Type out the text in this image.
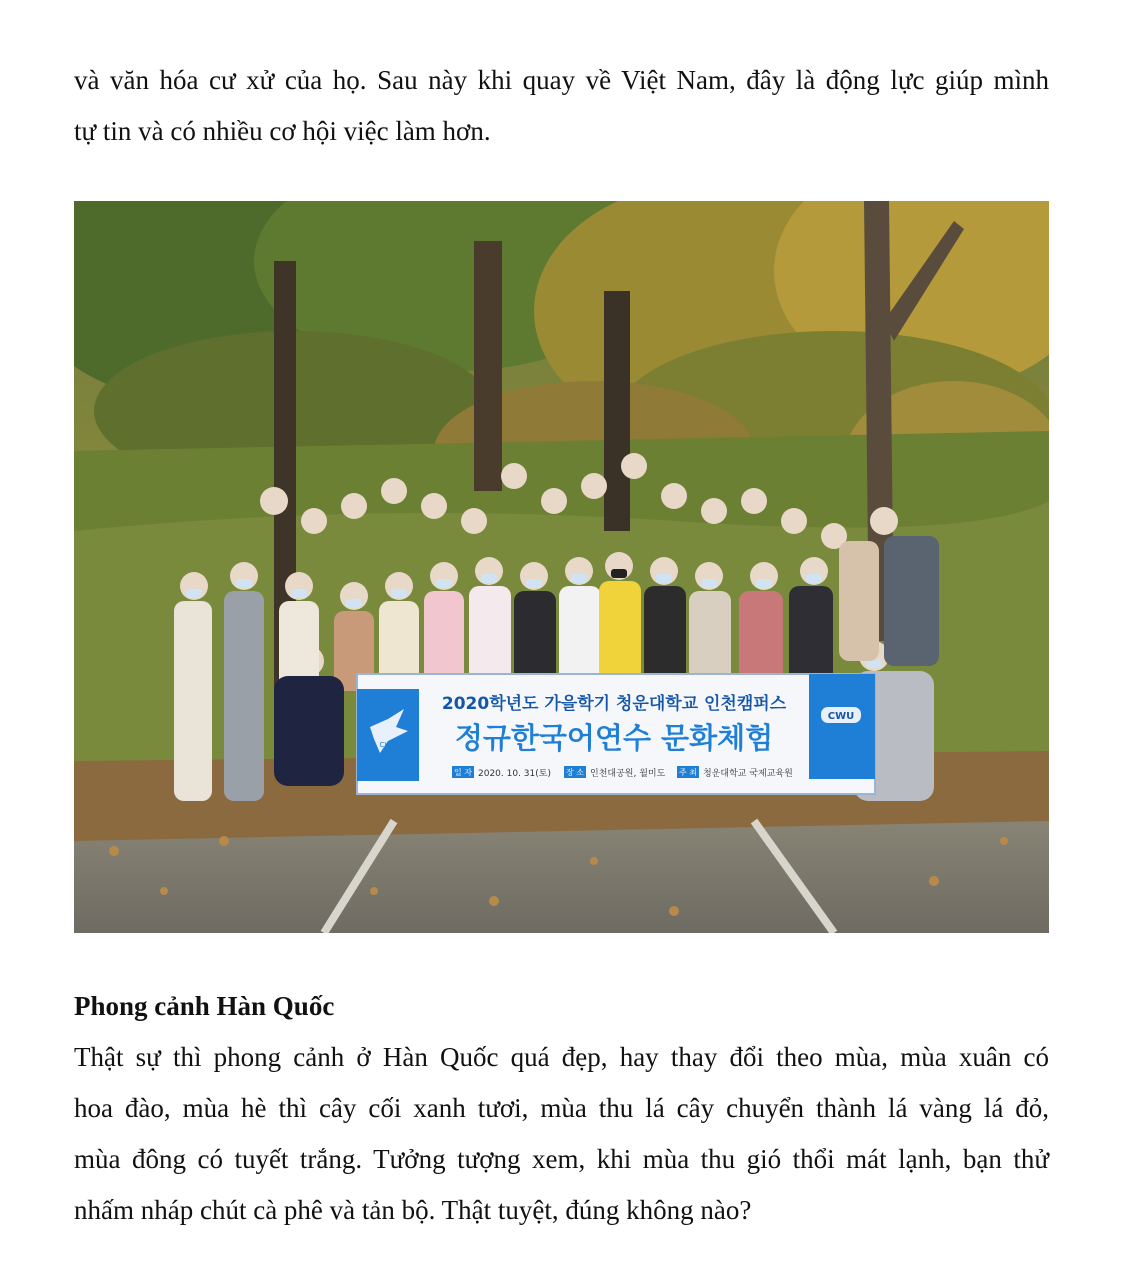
và văn hóa cư xử của họ. Sau này khi quay về Việt Nam, đây là động lực giúp mình
tự tin và có nhiều cơ hội việc làm hơn.
CWU
CWU
2020학년도 가을학기 청운대학교 인천캠퍼스
정규한국어연수 문화체험
일 자 2020. 10. 31(토) 장 소 인천대공원, 월미도 주 최 청운대학교 국제교육원
Phong cảnh Hàn Quốc
Thật sự thì phong cảnh ở Hàn Quốc quá đẹp, hay thay đổi theo mùa, mùa xuân có
hoa đào, mùa hè thì cây cối xanh tươi, mùa thu lá cây chuyển thành lá vàng lá đỏ,
mùa đông có tuyết trắng. Tưởng tượng xem, khi mùa thu gió thổi mát lạnh, bạn thử
nhấm nháp chút cà phê và tản bộ. Thật tuyệt, đúng không nào?
